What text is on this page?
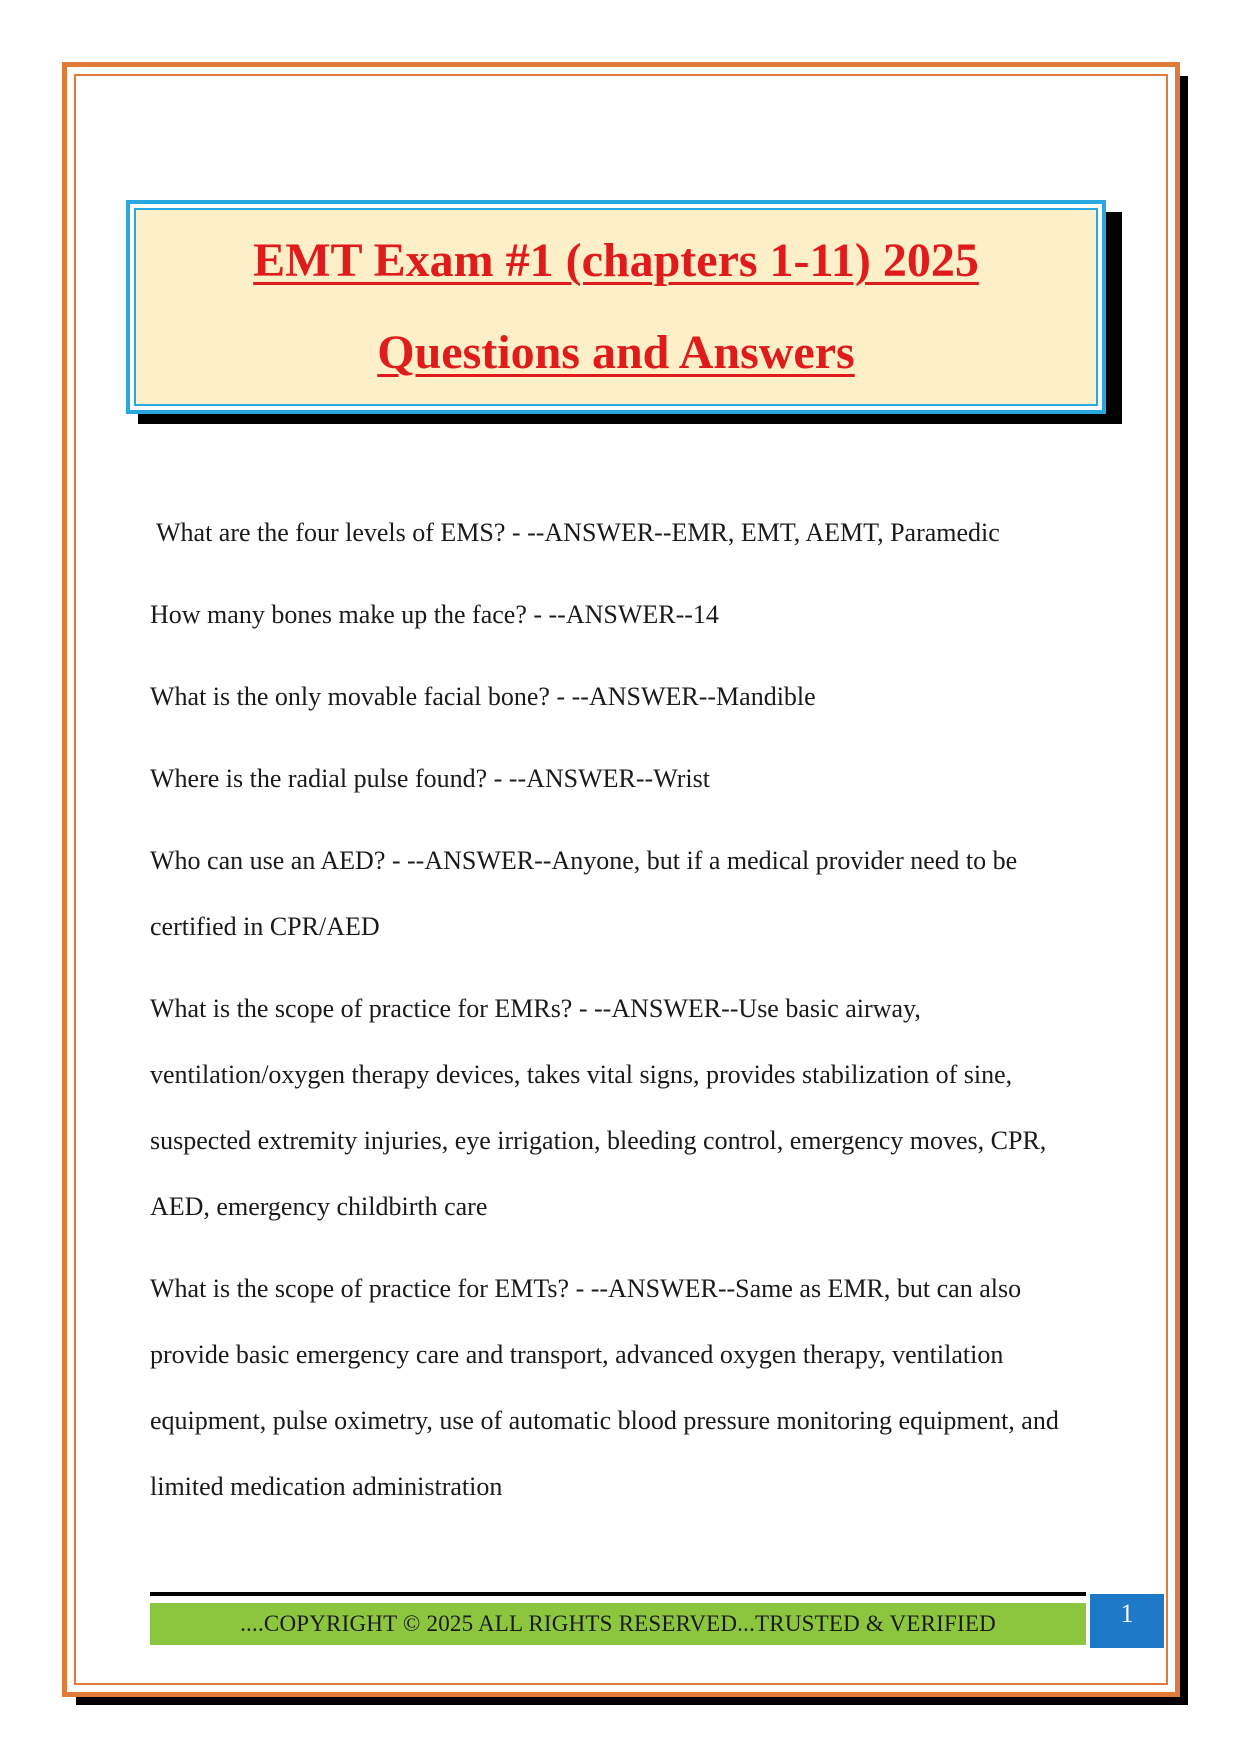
EMT Exam #1 (chapters 1-11) 2025
Questions and Answers

What are the four levels of EMS? - --ANSWER--EMR, EMT, AEMT, Paramedic

How many bones make up the face? - --ANSWER--14

What is the only movable facial bone? - --ANSWER--Mandible

Where is the radial pulse found? - --ANSWER--Wrist

Who can use an AED? - --ANSWER--Anyone, but if a medical provider need to be certified in CPR/AED

What is the scope of practice for EMRs? - --ANSWER--Use basic airway, ventilation/oxygen therapy devices, takes vital signs, provides stabilization of sine, suspected extremity injuries, eye irrigation, bleeding control, emergency moves, CPR, AED, emergency childbirth care

What is the scope of practice for EMTs? - --ANSWER--Same as EMR, but can also provide basic emergency care and transport, advanced oxygen therapy, ventilation equipment, pulse oximetry, use of automatic blood pressure monitoring equipment, and limited medication administration

....COPYRIGHT © 2025 ALL RIGHTS RESERVED...TRUSTED & VERIFIED	1
